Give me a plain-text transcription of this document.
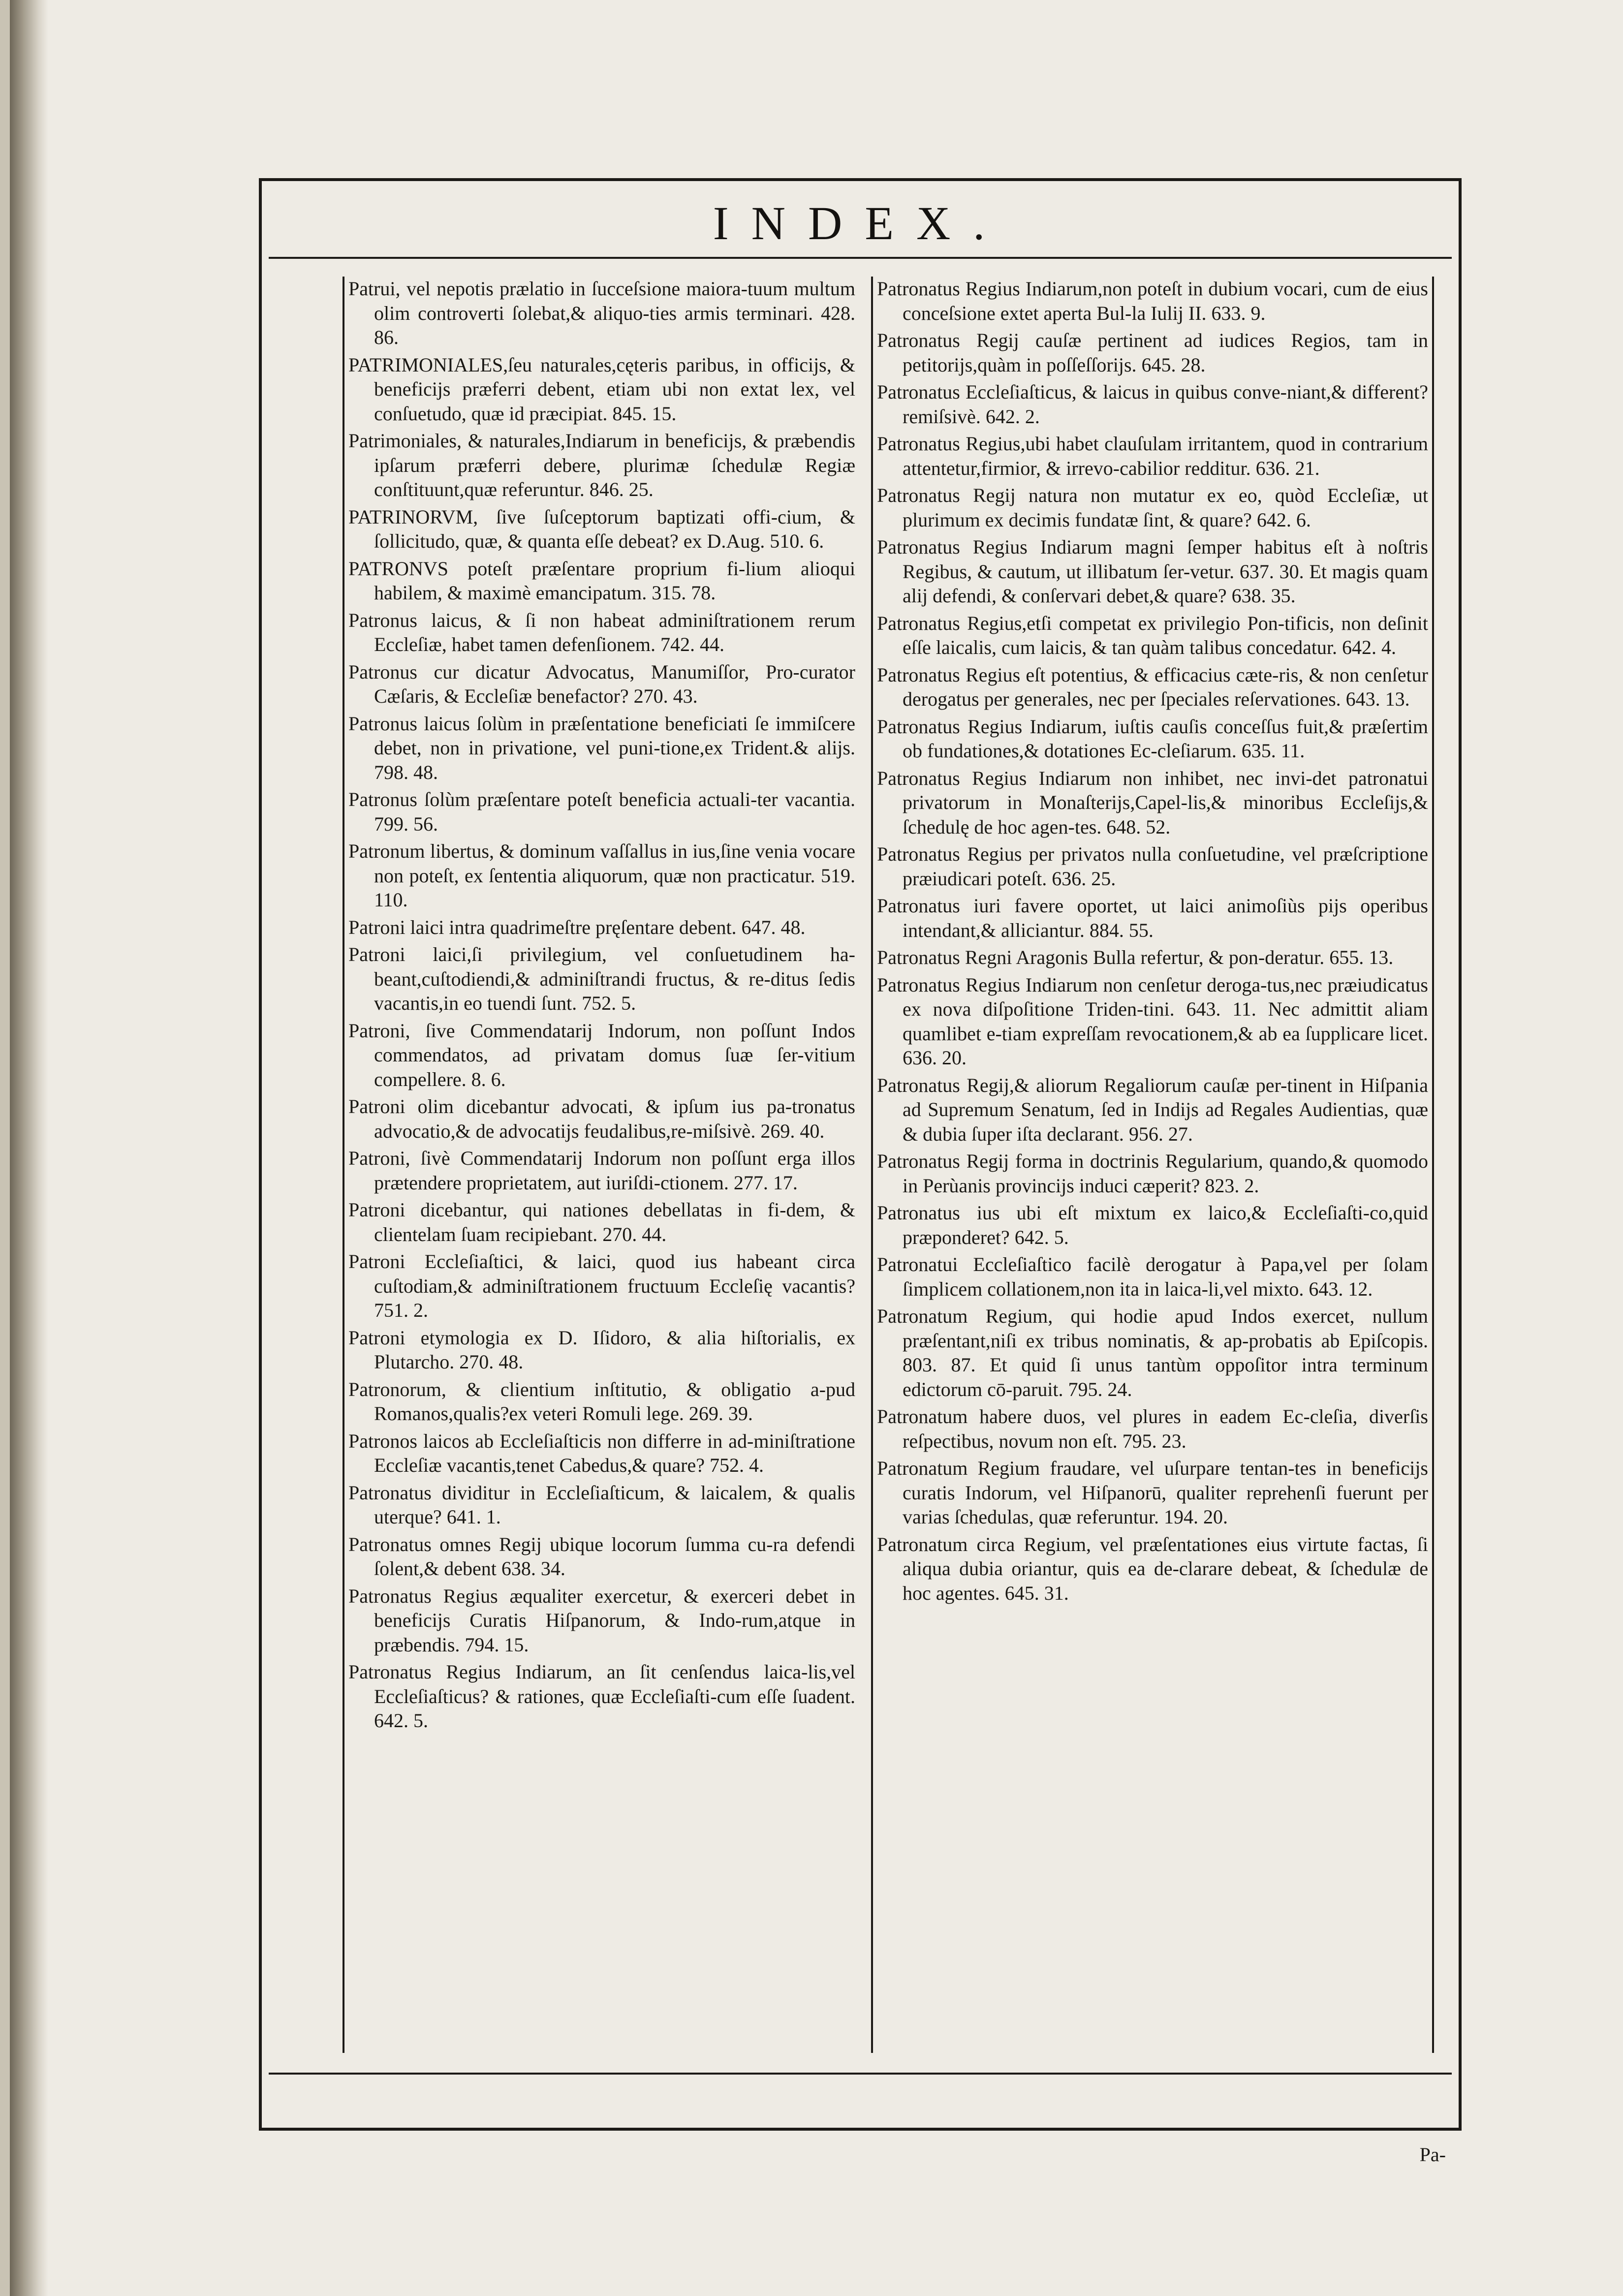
INDEX.
Patrui, vel nepotis prælatio in ſucceſsione maiora-tuum multum olim controverti ſolebat,& aliquo-ties armis terminari. 428. 86.
PATRIMONIALES,ſeu naturales,cęteris paribus, in officijs, & beneficijs præferri debent, etiam ubi non extat lex, vel conſuetudo, quæ id præcipiat. 845. 15.
Patrimoniales, & naturales,Indiarum in beneficijs, & præbendis ipſarum præferri debere, plurimæ ſchedulæ Regiæ conſtituunt,quæ referuntur. 846. 25.
PATRINORVM, ſive ſuſceptorum baptizati offi-cium, & ſollicitudo, quæ, & quanta eſſe debeat? ex D.Aug. 510. 6.
PATRONVS poteſt præſentare proprium fi-lium alioqui habilem, & maximè emancipatum. 315. 78.
Patronus laicus, & ſi non habeat adminiſtrationem rerum Eccleſiæ, habet tamen defenſionem. 742. 44.
Patronus cur dicatur Advocatus, Manumiſſor, Pro-curator Cæſaris, & Eccleſiæ benefactor? 270. 43.
Patronus laicus ſolùm in præſentatione beneficiati ſe immiſcere debet, non in privatione, vel puni-tione,ex Trident.& alijs. 798. 48.
Patronus ſolùm præſentare poteſt beneficia actuali-ter vacantia. 799. 56.
Patronum libertus, & dominum vaſſallus in ius,ſine venia vocare non poteſt, ex ſententia aliquorum, quæ non practicatur. 519. 110.
Patroni laici intra quadrimeſtre pręſentare debent. 647. 48.
Patroni laici,ſi privilegium, vel conſuetudinem ha-beant,cuſtodiendi,& adminiſtrandi fructus, & re-ditus ſedis vacantis,in eo tuendi ſunt. 752. 5.
Patroni, ſive Commendatarij Indorum, non poſſunt Indos commendatos, ad privatam domus ſuæ ſer-vitium compellere. 8. 6.
Patroni olim dicebantur advocati, & ipſum ius pa-tronatus advocatio,& de advocatijs feudalibus,re-miſsivè. 269. 40.
Patroni, ſivè Commendatarij Indorum non poſſunt erga illos prætendere proprietatem, aut iuriſdi-ctionem. 277. 17.
Patroni dicebantur, qui nationes debellatas in fi-dem, & clientelam ſuam recipiebant. 270. 44.
Patroni Eccleſiaſtici, & laici, quod ius habeant circa cuſtodiam,& adminiſtrationem fructuum Eccleſię vacantis? 751. 2.
Patroni etymologia ex D. Iſidoro, & alia hiſtorialis, ex Plutarcho. 270. 48.
Patronorum, & clientium inſtitutio, & obligatio a-pud Romanos,qualis?ex veteri Romuli lege. 269. 39.
Patronos laicos ab Eccleſiaſticis non differre in ad-miniſtratione Eccleſiæ vacantis,tenet Cabedus,& quare? 752. 4.
Patronatus dividitur in Eccleſiaſticum, & laicalem, & qualis uterque? 641. 1.
Patronatus omnes Regij ubique locorum ſumma cu-ra defendi ſolent,& debent 638. 34.
Patronatus Regius æqualiter exercetur, & exerceri debet in beneficijs Curatis Hiſpanorum, & Indo-rum,atque in præbendis. 794. 15.
Patronatus Regius Indiarum, an ſit cenſendus laica-lis,vel Eccleſiaſticus? & rationes, quæ Eccleſiaſti-cum eſſe ſuadent. 642. 5.
Patronatus Regius Indiarum,non poteſt in dubium vocari, cum de eius conceſsione extet aperta Bul-la Iulij II. 633. 9.
Patronatus Regij cauſæ pertinent ad iudices Regios, tam in petitorijs,quàm in poſſeſſorijs. 645. 28.
Patronatus Eccleſiaſticus, & laicus in quibus conve-niant,& different?remiſsivè. 642. 2.
Patronatus Regius,ubi habet clauſulam irritantem, quod in contrarium attentetur,firmior, & irrevo-cabilior redditur. 636. 21.
Patronatus Regij natura non mutatur ex eo, quòd Eccleſiæ, ut plurimum ex decimis fundatæ ſint, & quare? 642. 6.
Patronatus Regius Indiarum magni ſemper habitus eſt à noſtris Regibus, & cautum, ut illibatum ſer-vetur. 637. 30. Et magis quam alij defendi, & conſervari debet,& quare? 638. 35.
Patronatus Regius,etſi competat ex privilegio Pon-tificis, non deſinit eſſe laicalis, cum laicis, & tan quàm talibus concedatur. 642. 4.
Patronatus Regius eſt potentius, & efficacius cæte-ris, & non cenſetur derogatus per generales, nec per ſpeciales reſervationes. 643. 13.
Patronatus Regius Indiarum, iuſtis cauſis conceſſus fuit,& præſertim ob fundationes,& dotationes Ec-cleſiarum. 635. 11.
Patronatus Regius Indiarum non inhibet, nec invi-det patronatui privatorum in Monaſterijs,Capel-lis,& minoribus Eccleſijs,& ſchedulę de hoc agen-tes. 648. 52.
Patronatus Regius per privatos nulla conſuetudine, vel præſcriptione præiudicari poteſt. 636. 25.
Patronatus iuri favere oportet, ut laici animoſiùs pijs operibus intendant,& alliciantur. 884. 55.
Patronatus Regni Aragonis Bulla refertur, & pon-deratur. 655. 13.
Patronatus Regius Indiarum non cenſetur deroga-tus,nec præiudicatus ex nova diſpoſitione Triden-tini. 643. 11. Nec admittit aliam quamlibet e-tiam expreſſam revocationem,& ab ea ſupplicare licet. 636. 20.
Patronatus Regij,& aliorum Regaliorum cauſæ per-tinent in Hiſpania ad Supremum Senatum, ſed in Indijs ad Regales Audientias, quæ & dubia ſuper iſta declarant. 956. 27.
Patronatus Regij forma in doctrinis Regularium, quando,& quomodo in Perùanis provincijs induci cæperit? 823. 2.
Patronatus ius ubi eſt mixtum ex laico,& Eccleſiaſti-co,quid præponderet? 642. 5.
Patronatui Eccleſiaſtico facilè derogatur à Papa,vel per ſolam ſimplicem collationem,non ita in laica-li,vel mixto. 643. 12.
Patronatum Regium, qui hodie apud Indos exercet, nullum præſentant,niſi ex tribus nominatis, & ap-probatis ab Epiſcopis. 803. 87. Et quid ſi unus tantùm oppoſitor intra terminum edictorum cō-paruit. 795. 24.
Patronatum habere duos, vel plures in eadem Ec-cleſia, diverſis reſpectibus, novum non eſt. 795. 23.
Patronatum Regium fraudare, vel uſurpare tentan-tes in beneficijs curatis Indorum, vel Hiſpanorū, qualiter reprehenſi fuerunt per varias ſchedulas, quæ referuntur. 194. 20.
Patronatum circa Regium, vel præſentationes eius virtute factas, ſi aliqua dubia oriantur, quis ea de-clarare debeat, & ſchedulæ de hoc agentes. 645. 31.
Pa-
